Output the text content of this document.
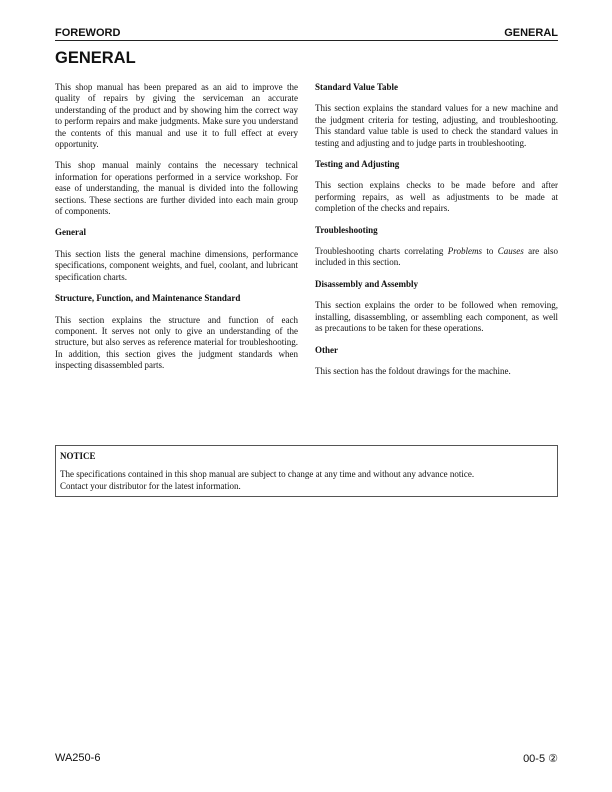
FOREWORD	GENERAL
GENERAL

This shop manual has been prepared as an aid to improve the quality of repairs by giving the serviceman an accurate understanding of the product and by showing him the correct way to perform repairs and make judgments. Make sure you understand the contents of this manual and use it to full effect at every opportunity.

This shop manual mainly contains the necessary technical information for operations performed in a service workshop. For ease of understanding, the manual is divided into the following sections. These sections are further divided into each main group of components.

General

This section lists the general machine dimensions, performance specifications, component weights, and fuel, coolant, and lubricant specification charts.

Structure, Function, and Maintenance Standard

This section explains the structure and function of each component. It serves not only to give an understanding of the structure, but also serves as reference material for troubleshooting. In addition, this section gives the judgment standards when inspecting disassembled parts.

Standard Value Table

This section explains the standard values for a new machine and the judgment criteria for testing, adjusting, and troubleshooting. This standard value table is used to check the standard values in testing and adjusting and to judge parts in troubleshooting.

Testing and Adjusting

This section explains checks to be made before and after performing repairs, as well as adjustments to be made at completion of the checks and repairs.

Troubleshooting

Troubleshooting charts correlating Problems to Causes are also included in this section.

Disassembly and Assembly

This section explains the order to be followed when removing, installing, disassembling, or assembling each component, as well as precautions to be taken for these operations.

Other

This section has the foldout drawings for the machine.

NOTICE
The specifications contained in this shop manual are subject to change at any time and without any advance notice.
Contact your distributor for the latest information.
WA250-6	00-5 ②
